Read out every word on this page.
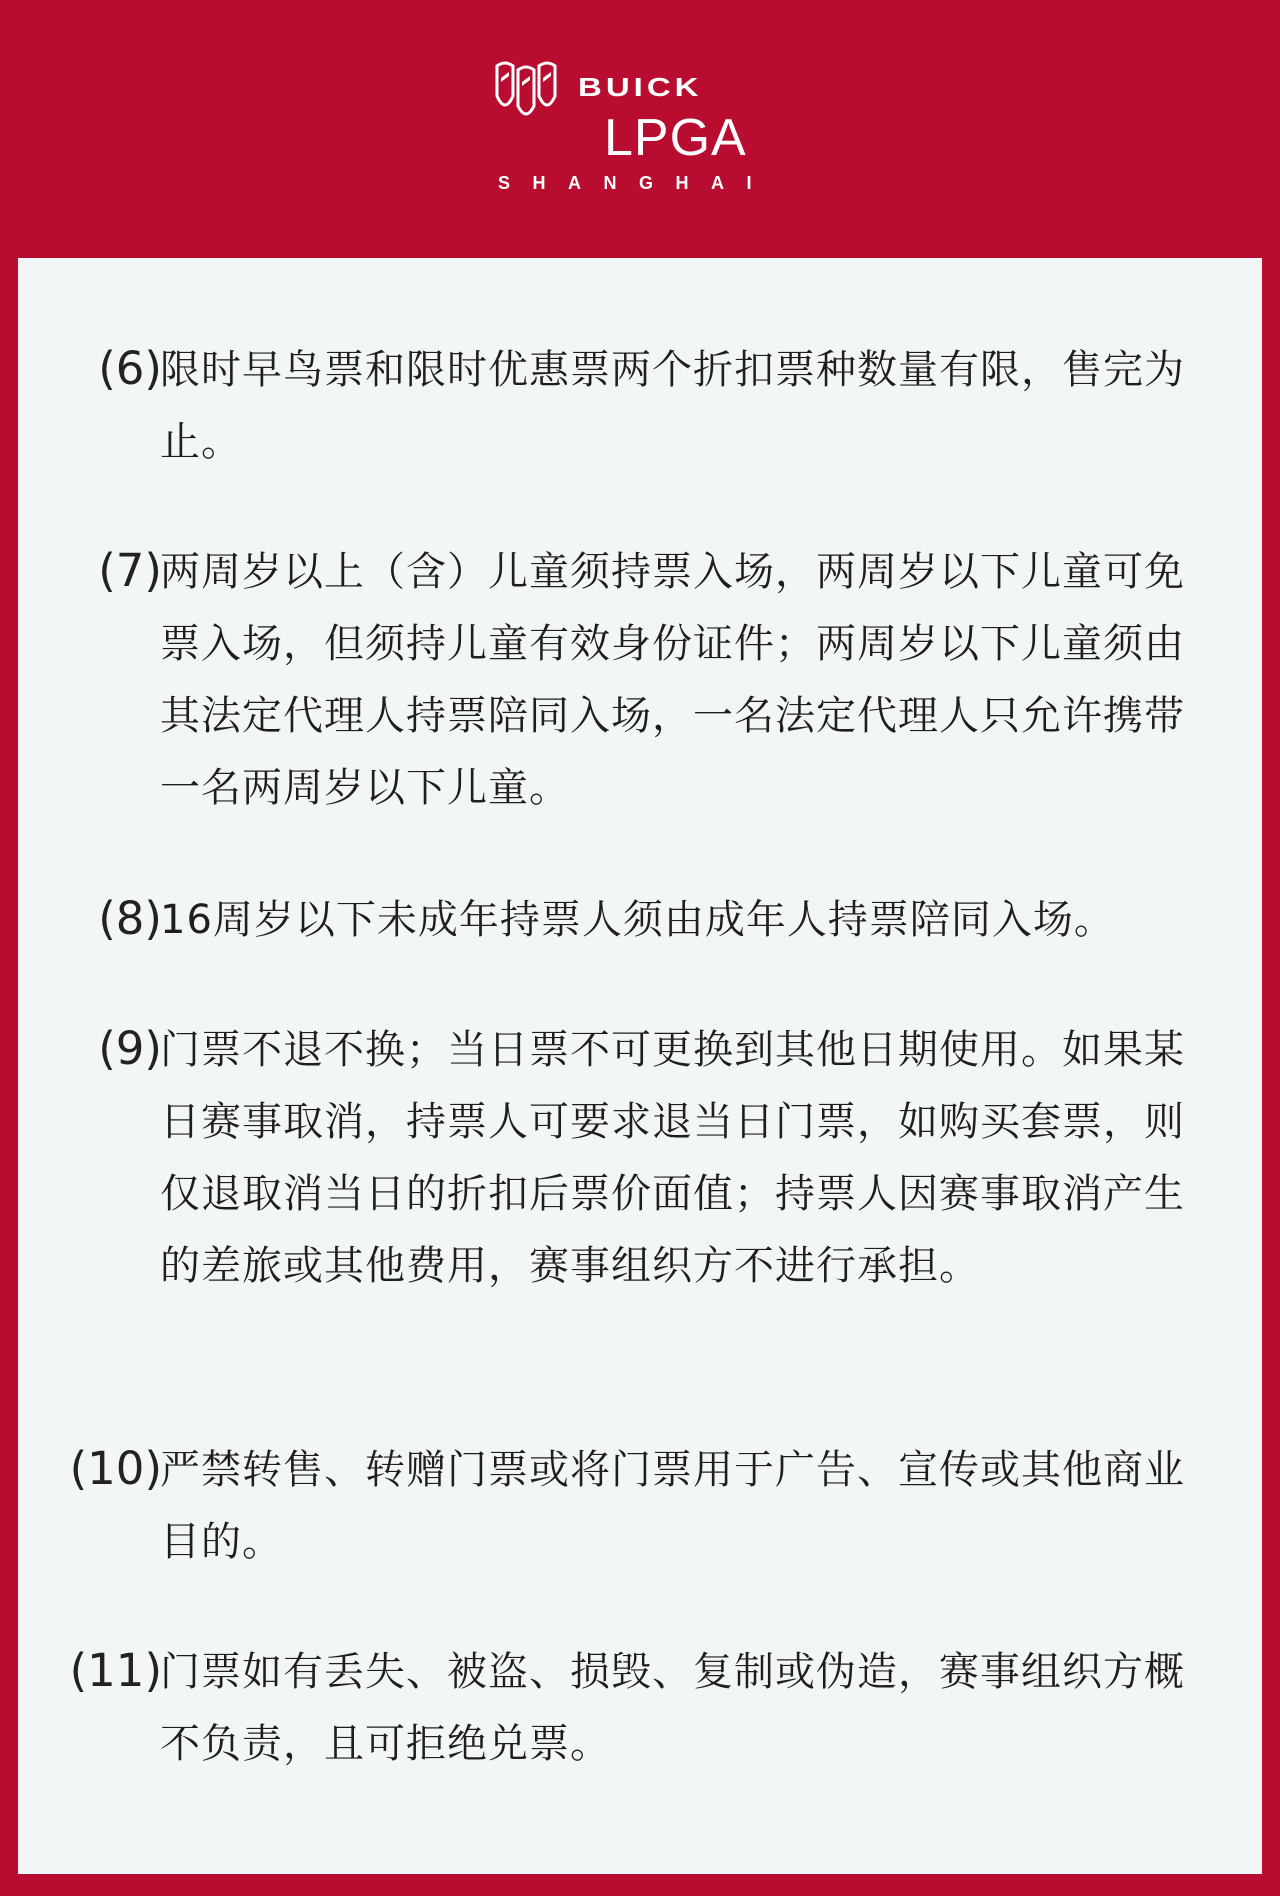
BUICK
LPGA
SHANGHAI
(6)
限时早鸟票和限时优惠票两个折扣票种数量有限，售完为止。
(7)
两周岁以上（含）儿童须持票入场，两周岁以下儿童可免票入场，但须持儿童有效身份证件；两周岁以下儿童须由其法定代理人持票陪同入场，一名法定代理人只允许携带一名两周岁以下儿童。
(8)
16周岁以下未成年持票人须由成年人持票陪同入场。
(9)
门票不退不换；当日票不可更换到其他日期使用。如果某日赛事取消，持票人可要求退当日门票，如购买套票，则仅退取消当日的折扣后票价面值；持票人因赛事取消产生的差旅或其他费用，赛事组织方不进行承担。
(10)
严禁转售、转赠门票或将门票用于广告、宣传或其他商业目的。
(11)
门票如有丢失、被盗、损毁、复制或伪造，赛事组织方概不负责，且可拒绝兑票。
